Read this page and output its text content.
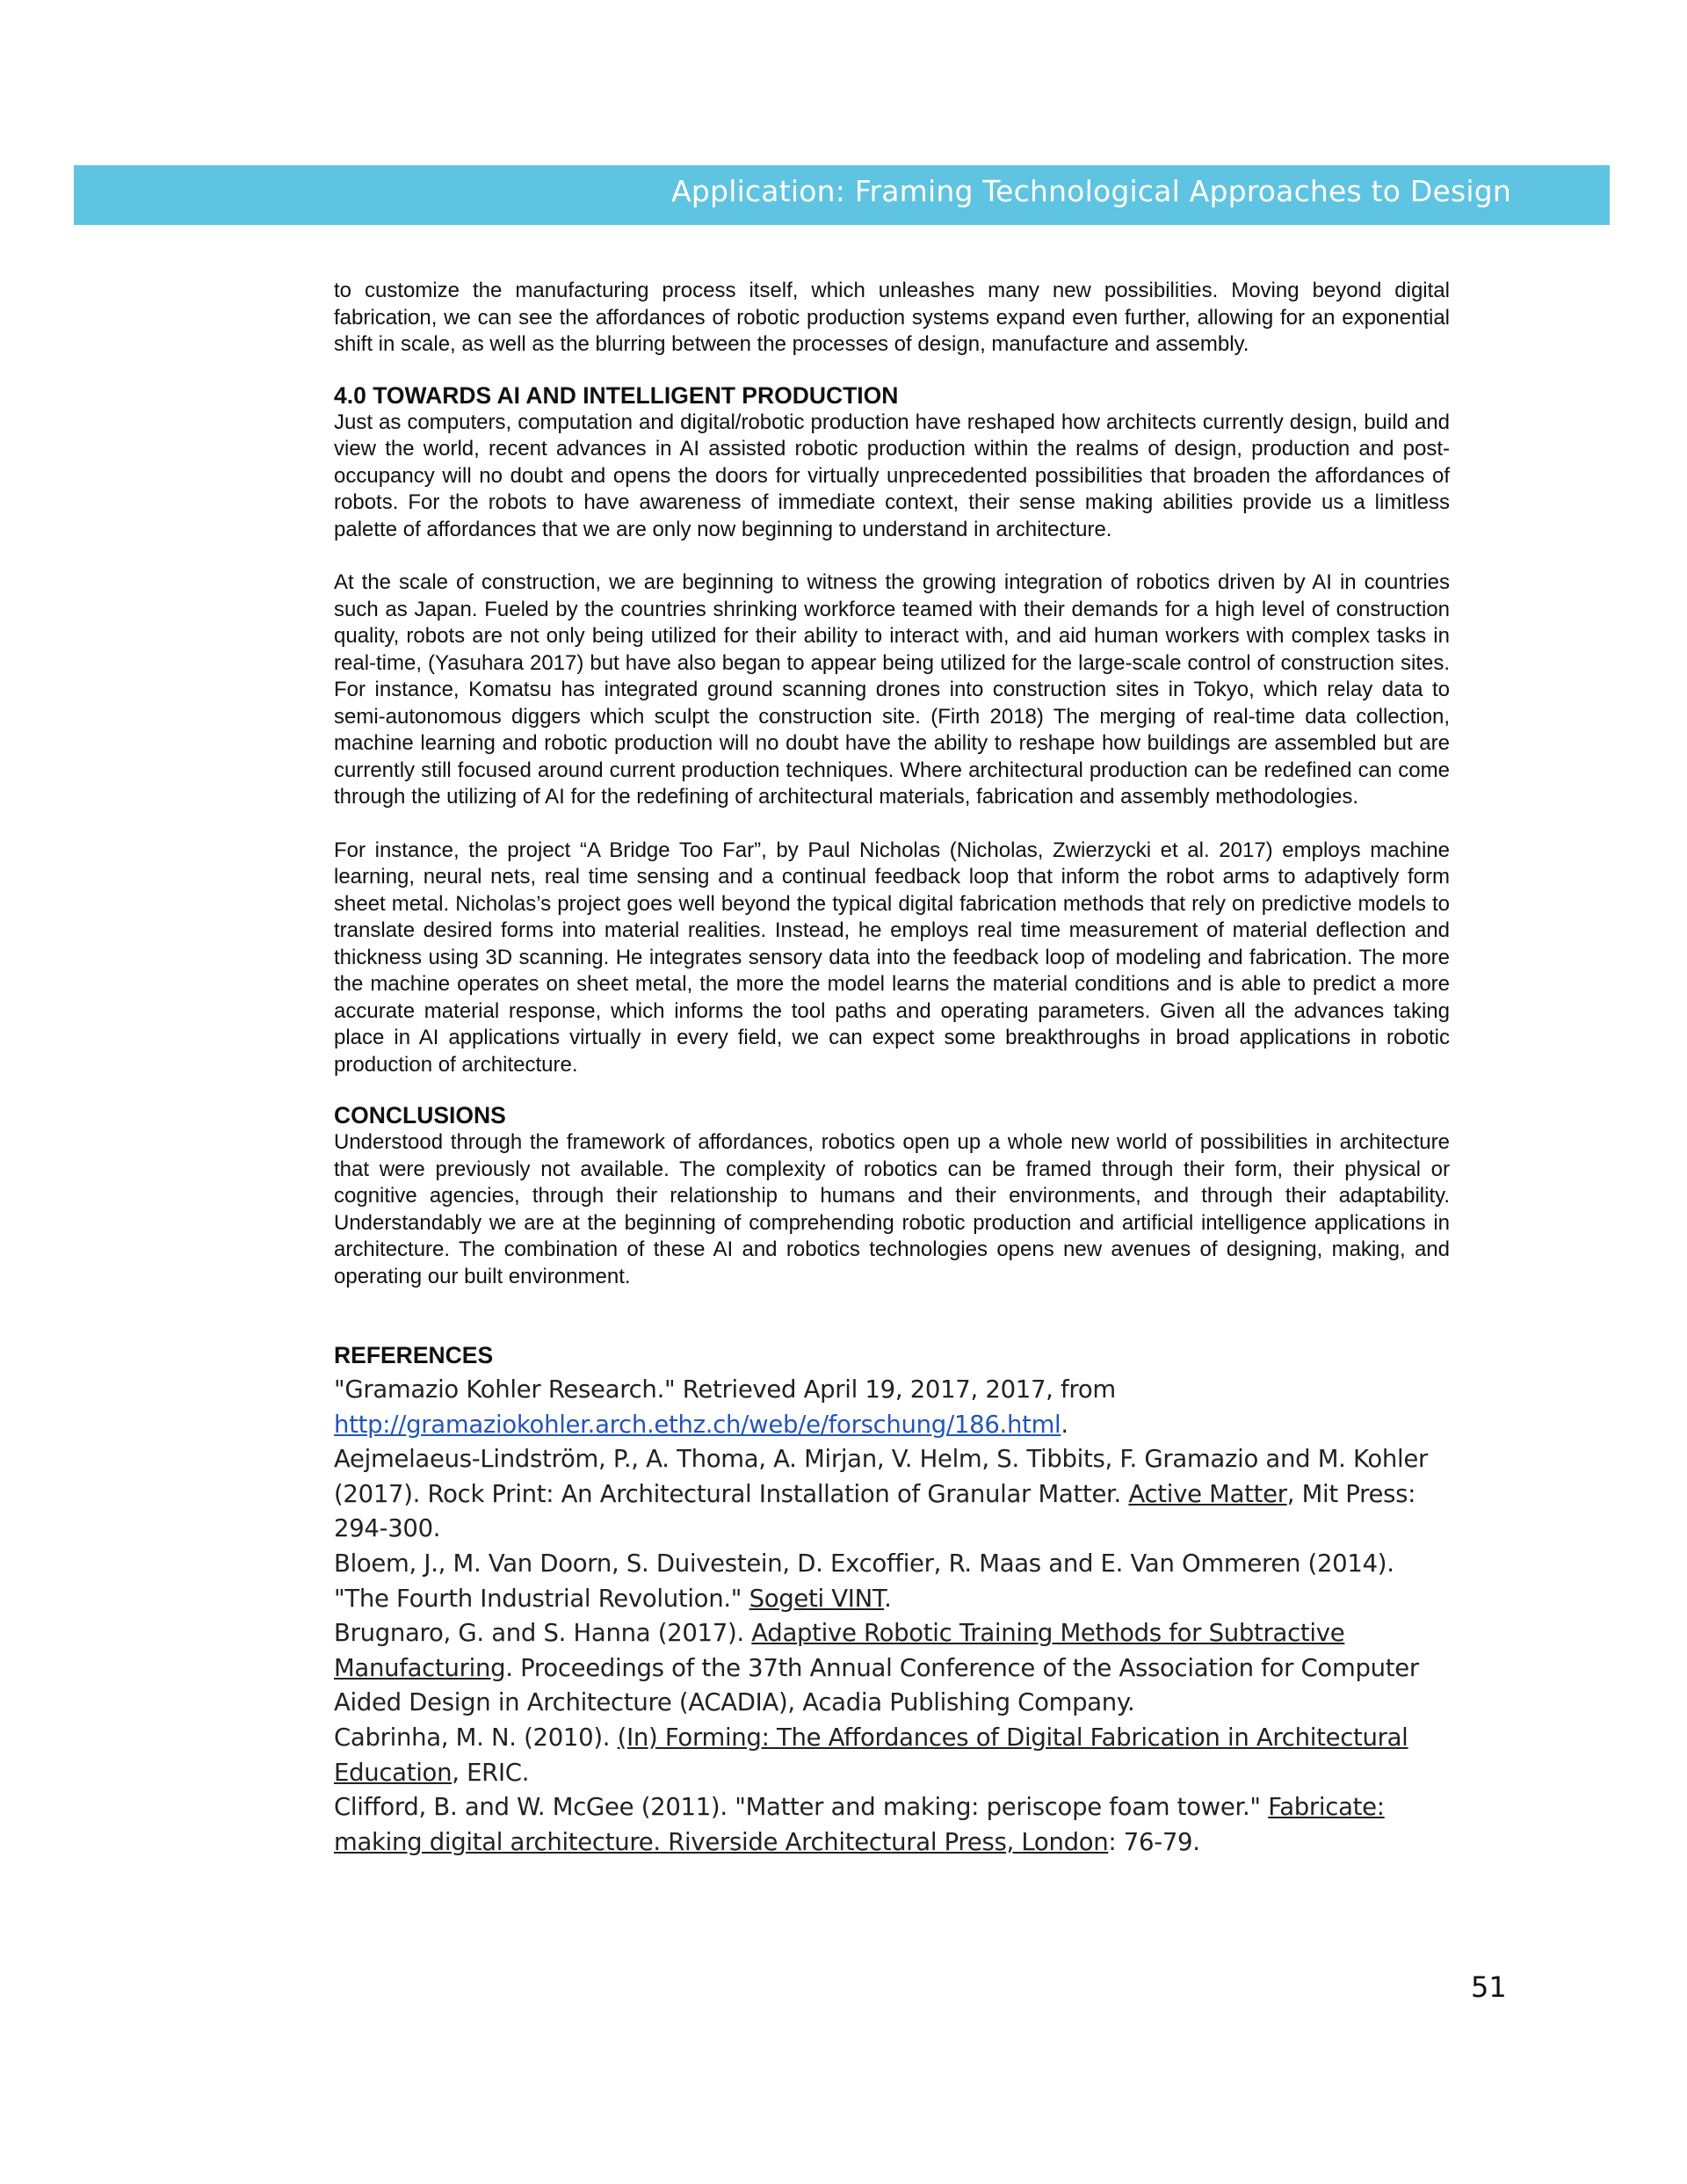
Application: Framing Technological Approaches to Design

to customize the manufacturing process itself, which unleashes many new possibilities. Moving beyond digital fabrication, we can see the affordances of robotic production systems expand even further, allowing for an exponential shift in scale, as well as the blurring between the processes of design, manufacture and assembly.

4.0 TOWARDS AI AND INTELLIGENT PRODUCTION

Just as computers, computation and digital/robotic production have reshaped how architects currently design, build and view the world, recent advances in AI assisted robotic production within the realms of design, production and post-occupancy will no doubt and opens the doors for virtually unprecedented possibilities that broaden the affordances of robots. For the robots to have awareness of immediate context, their sense making abilities provide us a limitless palette of affordances that we are only now beginning to understand in architecture.

At the scale of construction, we are beginning to witness the growing integration of robotics driven by AI in countries such as Japan. Fueled by the countries shrinking workforce teamed with their demands for a high level of construction quality, robots are not only being utilized for their ability to interact with, and aid human workers with complex tasks in real-time, (Yasuhara 2017) but have also began to appear being utilized for the large-scale control of construction sites. For instance, Komatsu has integrated ground scanning drones into construction sites in Tokyo, which relay data to semi-autonomous diggers which sculpt the construction site. (Firth 2018) The merging of real-time data collection, machine learning and robotic production will no doubt have the ability to reshape how buildings are assembled but are currently still focused around current production techniques. Where architectural production can be redefined can come through the utilizing of AI for the redefining of architectural materials, fabrication and assembly methodologies.

For instance, the project “A Bridge Too Far”, by Paul Nicholas (Nicholas, Zwierzycki et al. 2017) employs machine learning, neural nets, real time sensing and a continual feedback loop that inform the robot arms to adaptively form sheet metal. Nicholas’s project goes well beyond the typical digital fabrication methods that rely on predictive models to translate desired forms into material realities. Instead, he employs real time measurement of material deflection and thickness using 3D scanning. He integrates sensory data into the feedback loop of modeling and fabrication. The more the machine operates on sheet metal, the more the model learns the material conditions and is able to predict a more accurate material response, which informs the tool paths and operating parameters. Given all the advances taking place in AI applications virtually in every field, we can expect some breakthroughs in broad applications in robotic production of architecture.

CONCLUSIONS

Understood through the framework of affordances, robotics open up a whole new world of possibilities in architecture that were previously not available. The complexity of robotics can be framed through their form, their physical or cognitive agencies, through their relationship to humans and their environments, and through their adaptability. Understandably we are at the beginning of comprehending robotic production and artificial intelligence applications in architecture. The combination of these AI and robotics technologies opens new avenues of designing, making, and operating our built environment.

REFERENCES
"Gramazio Kohler Research." Retrieved April 19, 2017, 2017, from http://gramaziokohler.arch.ethz.ch/web/e/forschung/186.html.
Aejmelaeus-Lindström, P., A. Thoma, A. Mirjan, V. Helm, S. Tibbits, F. Gramazio and M. Kohler (2017). Rock Print: An Architectural Installation of Granular Matter. Active Matter, Mit Press: 294-300.
Bloem, J., M. Van Doorn, S. Duivestein, D. Excoffier, R. Maas and E. Van Ommeren (2014). "The Fourth Industrial Revolution." Sogeti VINT.
Brugnaro, G. and S. Hanna (2017). Adaptive Robotic Training Methods for Subtractive Manufacturing. Proceedings of the 37th Annual Conference of the Association for Computer Aided Design in Architecture (ACADIA), Acadia Publishing Company.
Cabrinha, M. N. (2010). (In) Forming: The Affordances of Digital Fabrication in Architectural Education, ERIC.
Clifford, B. and W. McGee (2011). "Matter and making: periscope foam tower." Fabricate: making digital architecture. Riverside Architectural Press, London: 76-79.
51
